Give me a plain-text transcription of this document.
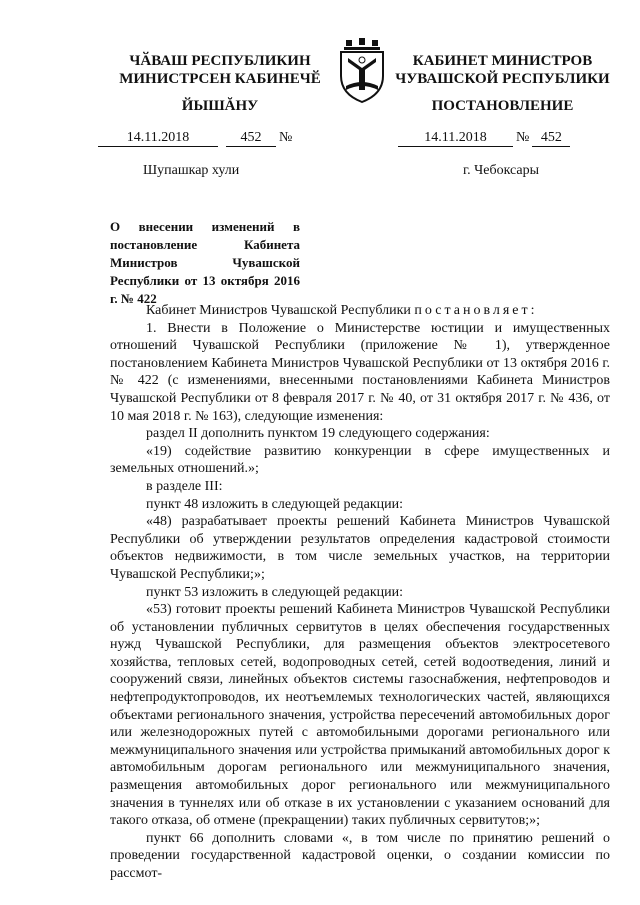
ЧӐВАШ РЕСПУБЛИКИН
МИНИСТРСЕН КАБИНЕЧӖ
ЙЫШĂНУ
КАБИНЕТ МИНИСТРОВ
ЧУВАШСКОЙ РЕСПУБЛИКИ
ПОСТАНОВЛЕНИЕ
14.11.2018	452 №	14.11.2018 № 452
Шупашкар хули	г. Чебоксары
О внесении изменений в постановление Кабинета Министров Чувашской Республики от 13 октября 2016 г. № 422

Кабинет Министров Чувашской Республики постановляет:

1. Внести в Положение о Министерстве юстиции и имущественных отношений Чувашской Республики (приложение № 1), утвержденное постановлением Кабинета Министров Чувашской Республики от 13 октября 2016 г. № 422 (с изменениями, внесенными постановлениями Кабинета Министров Чувашской Республики от 8 февраля 2017 г. № 40, от 31 октября 2017 г. № 436, от 10 мая 2018 г. № 163), следующие изменения:

раздел II дополнить пунктом 19 следующего содержания:

«19) содействие развитию конкуренции в сфере имущественных и земельных отношений.»;

в разделе III:

пункт 48 изложить в следующей редакции:

«48) разрабатывает проекты решений Кабинета Министров Чувашской Республики об утверждении результатов определения кадастровой стоимости объектов недвижимости, в том числе земельных участков, на территории Чувашской Республики;»;

пункт 53 изложить в следующей редакции:

«53) готовит проекты решений Кабинета Министров Чувашской Республики об установлении публичных сервитутов в целях обеспечения государственных нужд Чувашской Республики, для размещения объектов электросетевого хозяйства, тепловых сетей, водопроводных сетей, сетей водоотведения, линий и сооружений связи, линейных объектов системы газоснабжения, нефтепроводов и нефтепродуктопроводов, их неотъемлемых технологических частей, являющихся объектами регионального значения, устройства пересечений автомобильных дорог или железнодорожных путей с автомобильными дорогами регионального или межмуниципального значения или устройства примыканий автомобильных дорог к автомобильным дорогам регионального или межмуниципального значения, размещения автомобильных дорог регионального или межмуниципального значения в туннелях или об отказе в их установлении с указанием оснований для такого отказа, об отмене (прекращении) таких публичных сервитутов;»;

пункт 66 дополнить словами «, в том числе по принятию решений о проведении государственной кадастровой оценки, о создании комиссии по рассмот-
